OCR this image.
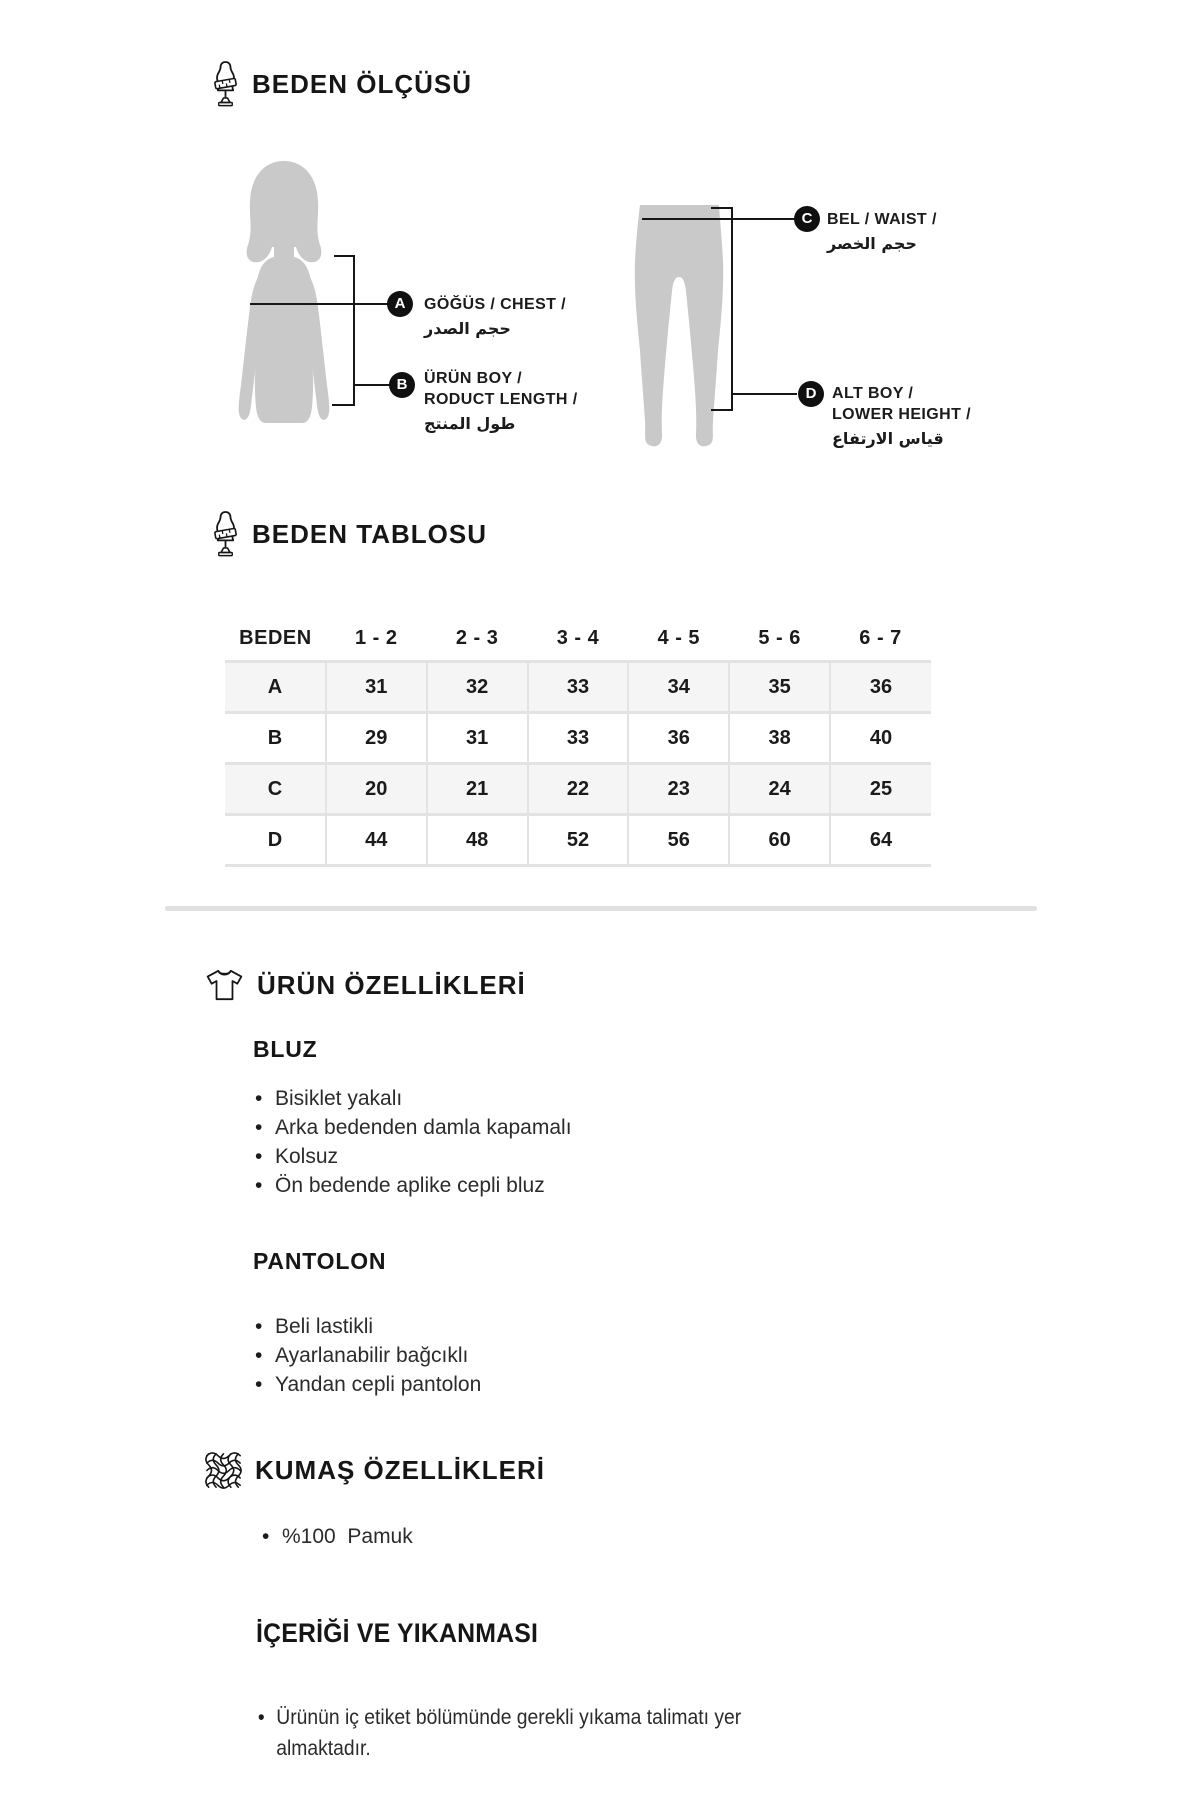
BEDEN ÖLÇÜSÜ
A
B
C
D
GÖĞÜS / CHEST /
حجم الصدر
ÜRÜN BOY /
RODUCT LENGTH /
طول المنتج
BEL / WAIST /
حجم الخصر
ALT BOY /
LOWER HEIGHT /
قياس الارتفاع
BEDEN TABLOSU
BEDEN	1 - 2	2 - 3	3 - 4	4 - 5	5 - 6	6 - 7
A	31	32	33	34	35	36
B	29	31	33	36	38	40
C	20	21	22	23	24	25
D	44	48	52	56	60	64
ÜRÜN ÖZELLİKLERİ
BLUZ
• Bisiklet yakalı
• Arka bedenden damla kapamalı
• Kolsuz
• Ön bedende aplike cepli bluz
PANTOLON
• Beli lastikli
• Ayarlanabilir bağcıklı
• Yandan cepli pantolon
KUMAŞ ÖZELLİKLERİ
• %100  Pamuk
İÇERİĞİ VE YIKANMASI
• Ürünün iç etiket bölümünde gerekli yıkama talimatı yer almaktadır.
